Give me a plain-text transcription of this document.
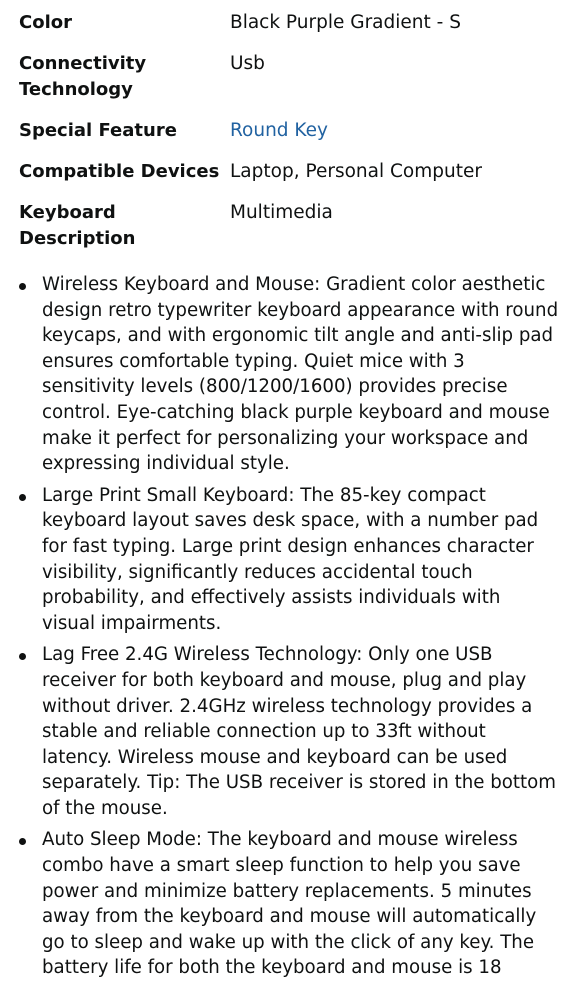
Color	Black Purple Gradient - S
Connectivity Technology
Usb
Special Feature	Round Key
Compatible Devices Laptop, Personal Computer
Keyboard Description
Multimedia
Wireless Keyboard and Mouse: Gradient color aesthetic design retro typewriter keyboard appearance with round keycaps, and with ergonomic tilt angle and anti-slip pad ensures comfortable typing. Quiet mice with 3 sensitivity levels (800/1200/1600) provides precise control. Eye-catching black purple keyboard and mouse make it perfect for personalizing your workspace and expressing individual style.
Large Print Small Keyboard: The 85-key compact keyboard layout saves desk space, with a number pad for fast typing. Large print design enhances character visibility, significantly reduces accidental touch probability, and effectively assists individuals with visual impairments.
Lag Free 2.4G Wireless Technology: Only one USB receiver for both keyboard and mouse, plug and play without driver. 2.4GHz wireless technology provides a stable and reliable connection up to 33ft without latency. Wireless mouse and keyboard can be used separately. Tip: The USB receiver is stored in the bottom of the mouse.
Auto Sleep Mode: The keyboard and mouse wireless combo have a smart sleep function to help you save power and minimize battery replacements. 5 minutes away from the keyboard and mouse will automatically go to sleep and wake up with the click of any key. The battery life for both the keyboard and mouse is 18
